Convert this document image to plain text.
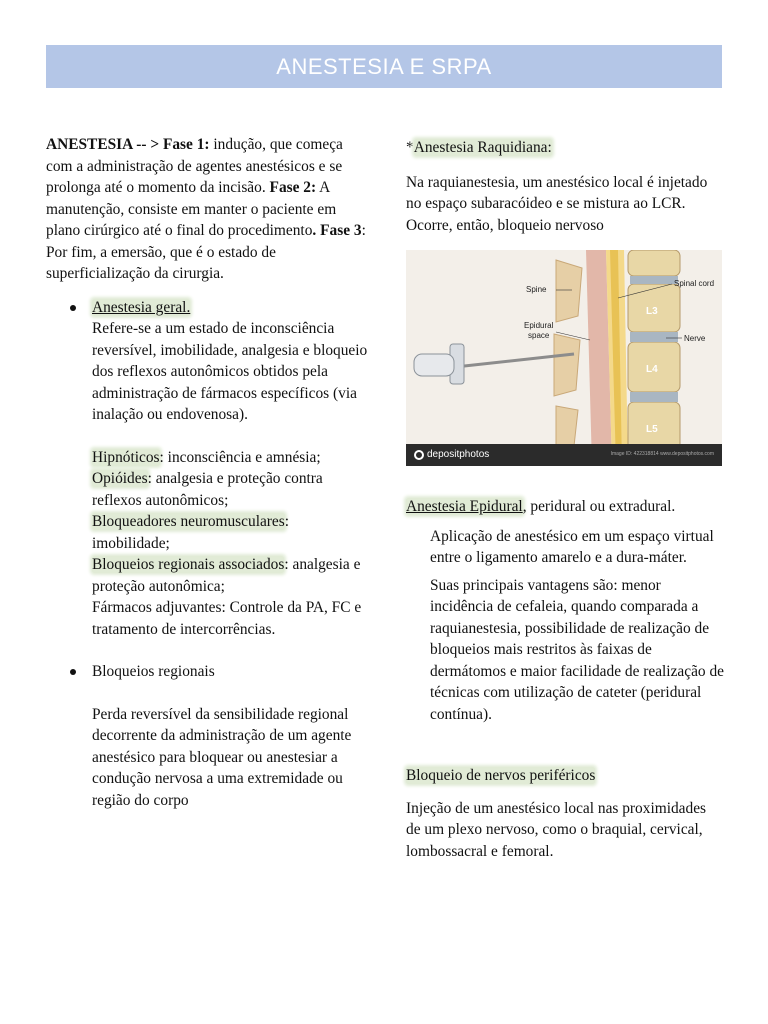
ANESTESIA E SRPA

ANESTESIA -- > Fase 1: indução, que começa com a administração de agentes anestésicos e se prolonga até o momento da incisão. Fase 2: A manutenção, consiste em manter o paciente em plano cirúrgico até o final do procedimento. Fase 3: Por fim, a emersão, que é o estado de superficialização da cirurgia.

Anestesia geral.

Refere-se a um estado de inconsciência reversível, imobilidade, analgesia e bloqueio dos reflexos autonômicos obtidos pela administração de fármacos específicos (via inalação ou endovenosa).

Hipnóticos: inconsciência e amnésia;

Opióides: analgesia e proteção contra reflexos autonômicos;

Bloqueadores neuromusculares: imobilidade;

Bloqueios regionais associados: analgesia e proteção autonômica;

Fármacos adjuvantes: Controle da PA, FC e tratamento de intercorrências.

Bloqueios regionais

Perda reversível da sensibilidade regional decorrente da administração de um agente anestésico para bloquear ou anestesiar a condução nervosa a uma extremidade ou região do corpo

*Anestesia Raquidiana:

Na raquianestesia, um anestésico local é injetado no espaço subaracóideo e se mistura ao LCR. Ocorre, então, bloqueio nervoso

Spine
Epidural
space
Spinal cord
Nerve
L3
L4
L5
depositphotos	Image ID: 422318814 www.depositphotos.com

Anestesia Epidural, peridural ou extradural.

Aplicação de anestésico em um espaço virtual entre o ligamento amarelo e a dura-máter.

Suas principais vantagens são: menor incidência de cefaleia, quando comparada a raquianestesia, possibilidade de realização de bloqueios mais restritos às faixas de dermátomos e maior facilidade de realização de técnicas com utilização de cateter (peridural contínua).

Bloqueio de nervos periféricos

Injeção de um anestésico local nas proximidades de um plexo nervoso, como o braquial, cervical, lombossacral e femoral.
